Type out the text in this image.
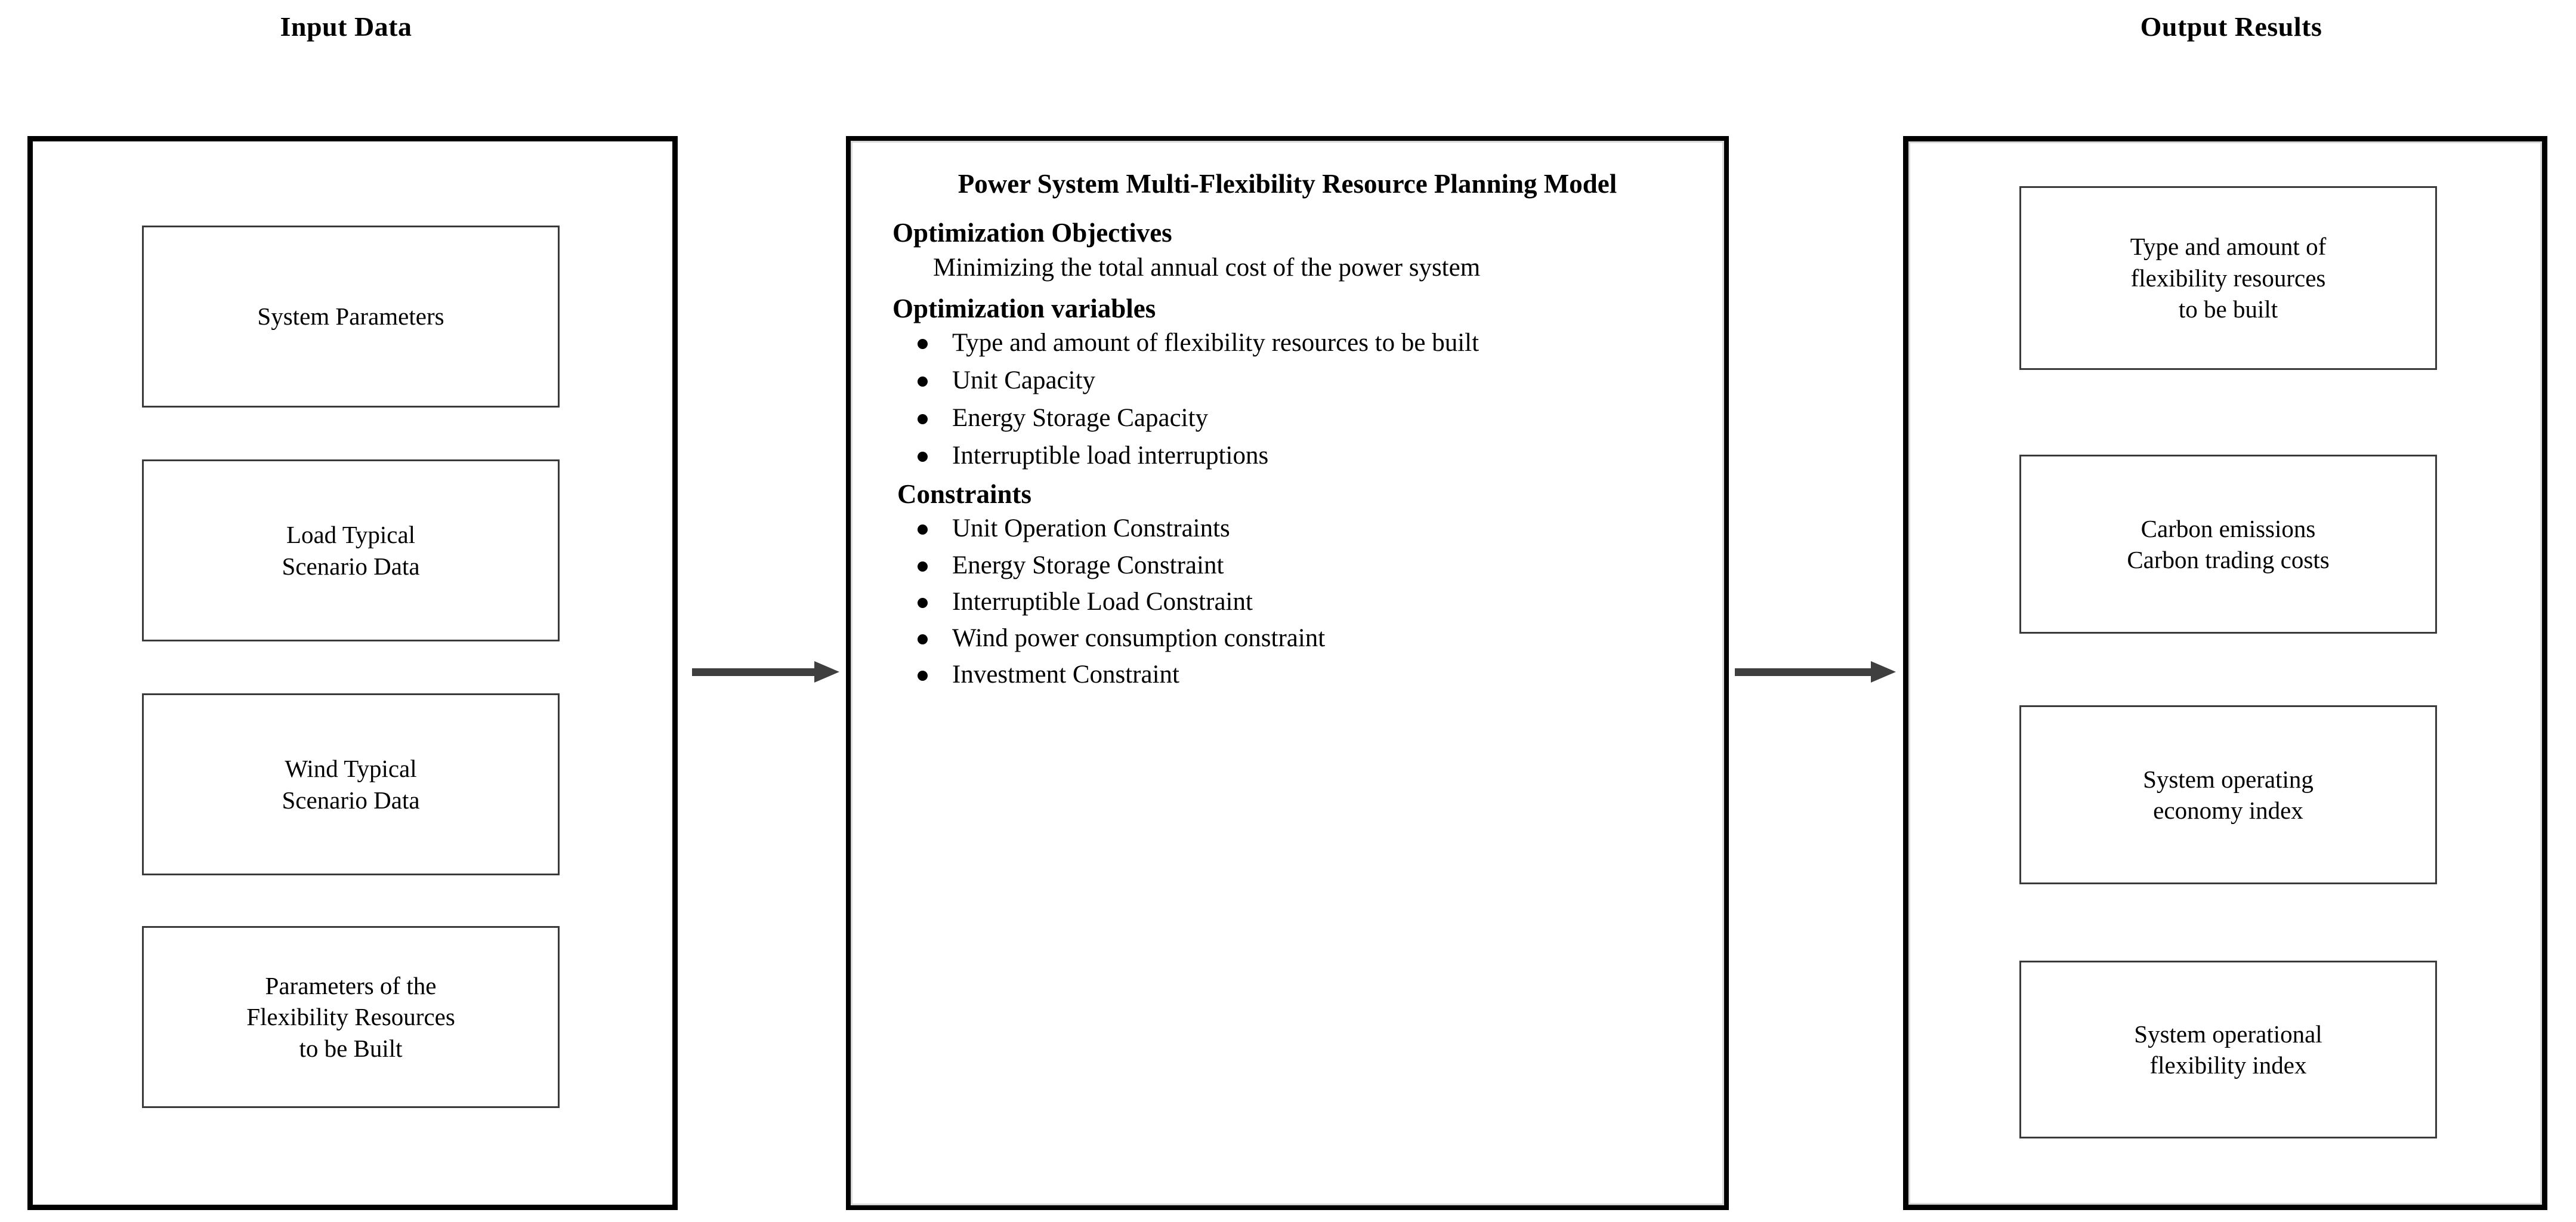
Input Data	Output Results
System Parameters
Load Typical
Scenario Data
Wind Typical
Scenario Data
Parameters of the
Flexibility Resources
to be Built
Power System Multi-Flexibility Resource Planning Model
Optimization Objectives
Minimizing the total annual cost of the power system
Optimization variables
Type and amount of flexibility resources to be built
Unit Capacity
Energy Storage Capacity
Interruptible load interruptions
Constraints
Unit Operation Constraints
Energy Storage Constraint
Interruptible Load Constraint
Wind power consumption constraint
Investment Constraint
Type and amount of
flexibility resources
to be built
Carbon emissions
Carbon trading costs
System operating
economy index
System operational
flexibility index
